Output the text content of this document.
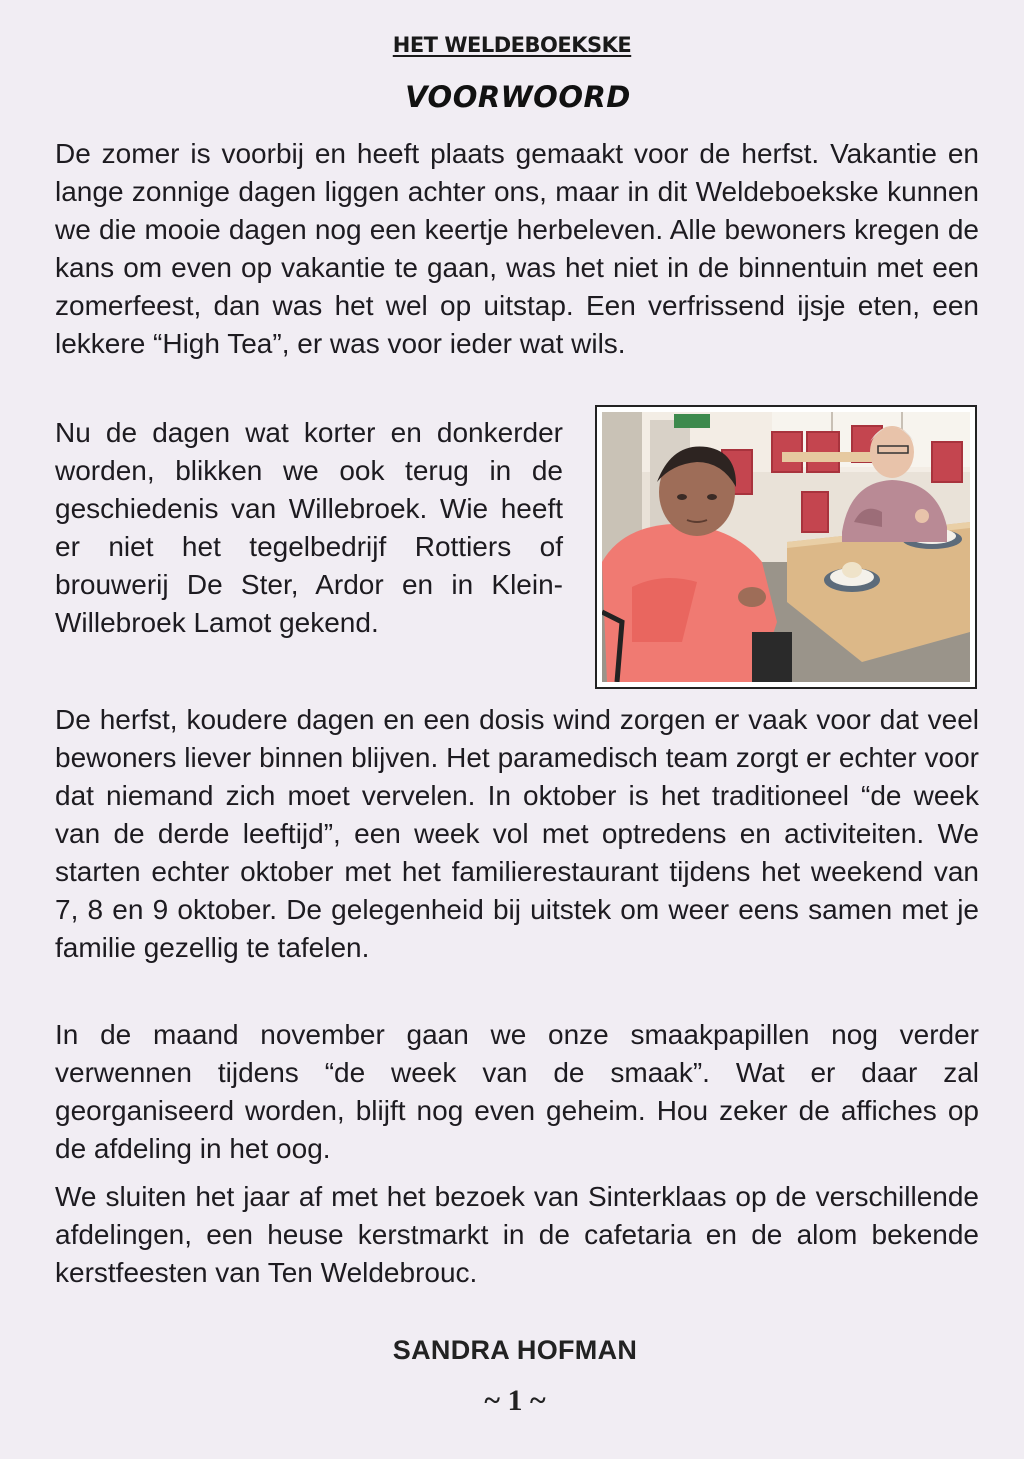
HET WELDEBOEKSKE
VOORWOORD

De zomer is voorbij en heeft plaats gemaakt voor de herfst. Vakantie en lange zonnige dagen liggen achter ons, maar in dit Weldeboekske kunnen we die mooie dagen nog een keertje herbeleven. Alle bewoners kregen de kans om even op vakantie te gaan, was het niet in de binnentuin met een zomerfeest, dan was het wel op uitstap. Een verfrissend ijsje eten, een lekkere “High Tea”, er was voor ieder wat wils.

Nu de dagen wat korter en donkerder worden, blikken we ook terug in de geschiedenis van Willebroek. Wie heeft er niet het tegelbedrijf Rottiers of brouwerij De Ster, Ardor en in Klein-Willebroek Lamot gekend.

De herfst, koudere dagen en een dosis wind zorgen er vaak voor dat veel bewoners liever binnen blijven. Het paramedisch team zorgt er echter voor dat niemand zich moet vervelen. In oktober is het traditioneel “de week van de derde leeftijd”, een week vol met optredens en activiteiten. We starten echter oktober met het familierestaurant tijdens het weekend van 7, 8 en 9 oktober. De gelegenheid bij uitstek om weer eens samen met je familie gezellig te tafelen.

In de maand november gaan we onze smaakpapillen nog verder verwennen tijdens “de week van de smaak”. Wat er daar zal georganiseerd worden, blijft nog even geheim. Hou zeker de affiches op de afdeling in het oog.

We sluiten het jaar af met het bezoek van Sinterklaas op de verschillende afdelingen, een heuse kerstmarkt in de cafetaria en de alom bekende kerstfeesten van Ten Weldebrouc.

SANDRA HOFMAN
~ 1 ~
